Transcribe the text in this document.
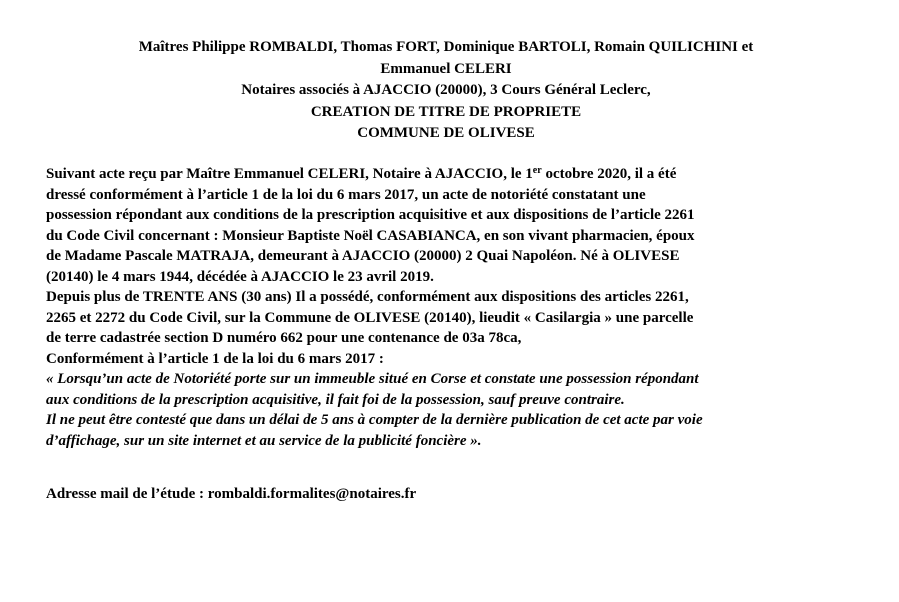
Maîtres Philippe ROMBALDI, Thomas FORT, Dominique BARTOLI, Romain QUILICHINI et
Emmanuel CELERI
Notaires associés à AJACCIO (20000), 3 Cours Général Leclerc,
CREATION DE TITRE DE PROPRIETE
COMMUNE DE OLIVESE
Suivant acte reçu par Maître Emmanuel CELERI, Notaire à AJACCIO, le 1er octobre 2020, il a été
dressé conformément à l’article 1 de la loi du 6 mars 2017, un acte de notoriété constatant une
possession répondant aux conditions de la prescription acquisitive et aux dispositions de l’article 2261
du Code Civil concernant : Monsieur Baptiste Noël CASABIANCA, en son vivant pharmacien, époux
de Madame Pascale MATRAJA, demeurant à AJACCIO (20000) 2 Quai Napoléon. Né à OLIVESE
(20140) le 4 mars 1944, décédée à AJACCIO le 23 avril 2019.
Depuis plus de TRENTE ANS (30 ans) Il a possédé, conformément aux dispositions des articles 2261,
2265 et 2272 du Code Civil, sur la Commune de OLIVESE (20140), lieudit « Casilargia » une parcelle
de terre cadastrée section D numéro 662 pour une contenance de 03a 78ca,
Conformément à l’article 1 de la loi du 6 mars 2017 :
« Lorsqu’un acte de Notoriété porte sur un immeuble situé en Corse et constate une possession répondant
aux conditions de la prescription acquisitive, il fait foi de la possession, sauf preuve contraire.
Il ne peut être contesté que dans un délai de 5 ans à compter de la dernière publication de cet acte par voie
d’affichage, sur un site internet et au service de la publicité foncière ».
Adresse mail de l’étude : rombaldi.formalites@notaires.fr
